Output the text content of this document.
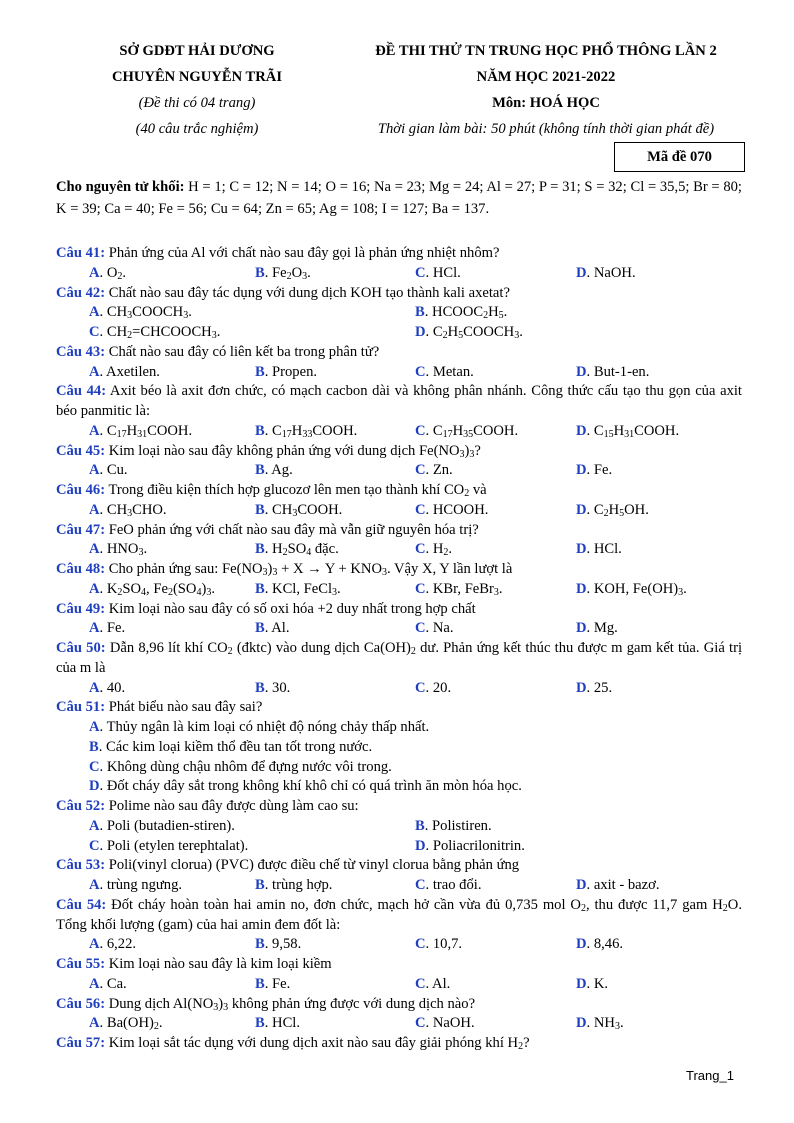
SỞ GDĐT HẢI DƯƠNG
CHUYÊN NGUYỄN TRÃI
(Đề thi có 04 trang)
(40 câu trắc nghiệm)
ĐỀ THI THỬ TN TRUNG HỌC PHỔ THÔNG LẦN 2
NĂM HỌC 2021-2022
Môn: HOÁ HỌC
Thời gian làm bài: 50 phút (không tính thời gian phát đề)
Mã đề 070
Cho nguyên tử khối: H = 1; C = 12; N = 14; O = 16; Na = 23; Mg = 24; Al = 27; P = 31; S = 32; Cl = 35,5; Br = 80; K = 39; Ca = 40; Fe = 56; Cu = 64; Zn = 65; Ag = 108; I = 127; Ba = 137.
Câu 41: Phản ứng của Al với chất nào sau đây gọi là phản ứng nhiệt nhôm?
A. $O_2$.	B. $Fe_2O_3$.	C. HCl.	D. NaOH.
Câu 42: Chất nào sau đây tác dụng với dung dịch KOH tạo thành kali axetat?
A. $CH_3COOCH_3$.	B. $HCOOC_2H_5$.
C. $CH_2=CHCOOCH_3$.	D. $C_2H_5COOCH_3$.
Câu 43: Chất nào sau đây có liên kết ba trong phân tử?
A. Axetilen.	B. Propen.	C. Metan.	D. But-1-en.
Câu 44: Axit béo là axit đơn chức, có mạch cacbon dài và không phân nhánh. Công thức cấu tạo thu gọn của axit béo panmitic là:
A. $C_{17}H_{31}COOH$.	B. $C_{17}H_{33}COOH$.	C. $C_{17}H_{35}COOH$.	D. $C_{15}H_{31}COOH$.
Câu 45: Kim loại nào sau đây không phản ứng với dung dịch $Fe(NO_3)_3$?
A. Cu.	B. Ag.	C. Zn.	D. Fe.
Câu 46: Trong điều kiện thích hợp glucozơ lên men tạo thành khí $CO_2$ và
A. $CH_3CHO$.	B. $CH_3COOH$.	C. HCOOH.	D. $C_2H_5OH$.
Câu 47: FeO phản ứng với chất nào sau đây mà vẫn giữ nguyên hóa trị?
A. $HNO_3$.	B. $H_2SO_4$ đặc.	C. $H_2$.	D. HCl.
Câu 48: Cho phản ứng sau: $Fe(NO_3)_3 + X \to Y + KNO_3$. Vậy X, Y lần lượt là
A. $K_2SO_4$, $Fe_2(SO_4)_3$.	B. KCl, FeCl$_3$.	C. KBr, FeBr$_3$.	D. KOH, $Fe(OH)_3$.
Câu 49: Kim loại nào sau đây có số oxi hóa +2 duy nhất trong hợp chất
A. Fe.	B. Al.	C. Na.	D. Mg.
Câu 50: Dẫn 8,96 lít khí $CO_2$ (đktc) vào dung dịch $Ca(OH)_2$ dư. Phản ứng kết thúc thu được m gam kết tủa. Giá trị của m là
A. 40.	B. 30.	C. 20.	D. 25.
Câu 51: Phát biểu nào sau đây sai?
A. Thủy ngân là kim loại có nhiệt độ nóng chảy thấp nhất.
B. Các kim loại kiềm thổ đều tan tốt trong nước.
C. Không dùng chậu nhôm để đựng nước vôi trong.
D. Đốt cháy dây sắt trong không khí khô chỉ có quá trình ăn mòn hóa học.
Câu 52: Polime nào sau đây được dùng làm cao su:
A. Poli (butadien-stiren).	B. Polistiren.
C. Poli (etylen terephtalat).	D. Poliacrilonitrin.
Câu 53: Poli(vinyl clorua) (PVC) được điều chế từ vinyl clorua bằng phản ứng
A. trùng ngưng.	B. trùng hợp.	C. trao đổi.	D. axit - bazơ.
Câu 54: Đốt cháy hoàn toàn hai amin no, đơn chức, mạch hở cần vừa đủ 0,735 mol $O_2$, thu được 11,7 gam $H_2O$. Tổng khối lượng (gam) của hai amin đem đốt là:
A. 6,22.	B. 9,58.	C. 10,7.	D. 8,46.
Câu 55: Kim loại nào sau đây là kim loại kiềm
A. Ca.	B. Fe.	C. Al.	D. K.
Câu 56: Dung dịch $Al(NO_3)_3$ không phản ứng được với dung dịch nào?
A. $Ba(OH)_2$.	B. HCl.	C. NaOH.	D. $NH_3$.
Câu 57: Kim loại sắt tác dụng với dung dịch axit nào sau đây giải phóng khí $H_2$?
Trang_1
